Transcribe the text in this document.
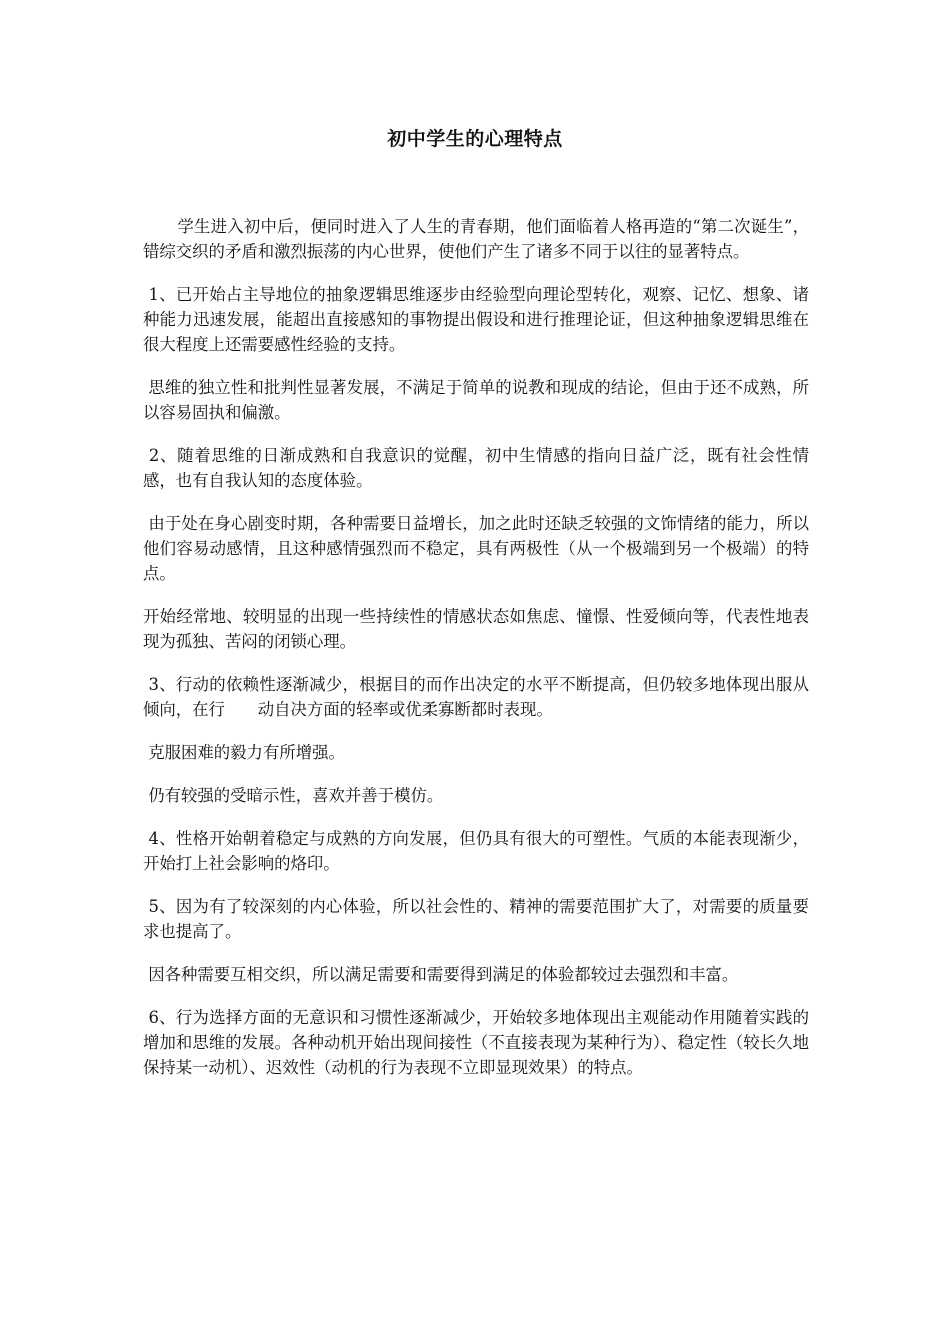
初中学生的心理特点

学生进入初中后，便同时进入了人生的青春期，他们面临着人格再造的“第二次诞生”，错综交织的矛盾和激烈振荡的内心世界，使他们产生了诸多不同于以往的显著特点。

1、已开始占主导地位的抽象逻辑思维逐步由经验型向理论型转化，观察、记忆、想象、诸种能力迅速发展，能超出直接感知的事物提出假设和进行推理论证，但这种抽象逻辑思维在很大程度上还需要感性经验的支持。

思维的独立性和批判性显著发展，不满足于简单的说教和现成的结论，但由于还不成熟，所以容易固执和偏激。

2、随着思维的日渐成熟和自我意识的觉醒，初中生情感的指向日益广泛，既有社会性情感，也有自我认知的态度体验。

由于处在身心剧变时期，各种需要日益增长，加之此时还缺乏较强的文饰情绪的能力，所以他们容易动感情，且这种感情强烈而不稳定，具有两极性（从一个极端到另一个极端）的特点。

开始经常地、较明显的出现一些持续性的情感状态如焦虑、憧憬、性爱倾向等，代表性地表现为孤独、苦闷的闭锁心理。

3、行动的依赖性逐渐减少，根据目的而作出决定的水平不断提高，但仍较多地体现出服从倾向，在行　　动自决方面的轻率或优柔寡断都时表现。

克服困难的毅力有所增强。

仍有较强的受暗示性，喜欢并善于模仿。

4、性格开始朝着稳定与成熟的方向发展，但仍具有很大的可塑性。气质的本能表现渐少，开始打上社会影响的烙印。

5、因为有了较深刻的内心体验，所以社会性的、精神的需要范围扩大了，对需要的质量要求也提高了。

因各种需要互相交织，所以满足需要和需要得到满足的体验都较过去强烈和丰富。

6、行为选择方面的无意识和习惯性逐渐减少，开始较多地体现出主观能动作用随着实践的增加和思维的发展。各种动机开始出现间接性（不直接表现为某种行为）、稳定性（较长久地保持某一动机）、迟效性（动机的行为表现不立即显现效果）的特点。
